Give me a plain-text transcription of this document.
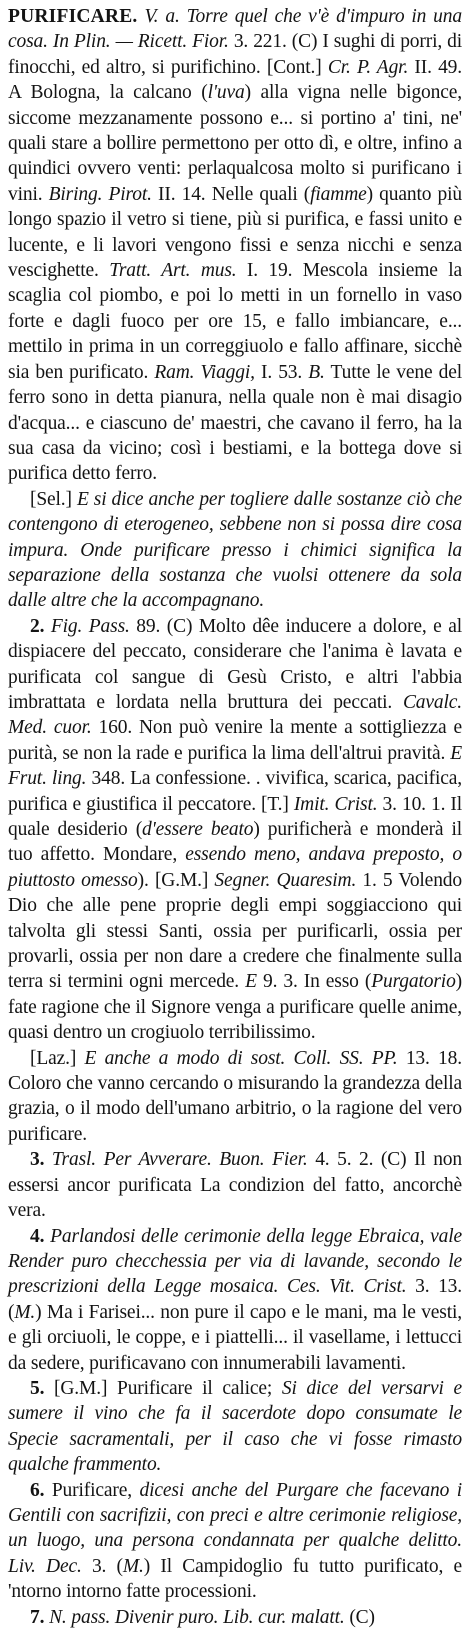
PURIFICARE. V. a. Torre quel che v'è d'impuro in una cosa. In Plin. — Ricett. Fior. 3. 221. (C) I sughi di porri, di finocchi, ed altro, si purifichino. [Cont.] Cr. P. Agr. II. 49. A Bologna, la calcano (l'uva) alla vigna nelle bigonce, siccome mezzanamente possono e... si portino a' tini, ne' quali stare a bollire permettono per otto dì, e oltre, infino a quindici ovvero venti: perlaqualcosa molto si purificano i vini. Biring. Pirot. II. 14. Nelle quali (fiamme) quanto più longo spazio il vetro si tiene, più si purifica, e fassi unito e lucente, e li lavori vengono fissi e senza nicchi e senza vescighette. Tratt. Art. mus. I. 19. Mescola insieme la scaglia col piombo, e poi lo metti in un fornello in vaso forte e dagli fuoco per ore 15, e fallo imbiancare, e... mettilo in prima in un correggiuolo e fallo affinare, sicchè sia ben purificato. Ram. Viaggi, I. 53. B. Tutte le vene del ferro sono in detta pianura, nella quale non è mai disagio d'acqua... e ciascuno de' maestri, che cavano il ferro, ha la sua casa da vicino; così i bestiami, e la bottega dove si purifica detto ferro.

[Sel.] E si dice anche per togliere dalle sostanze ciò che contengono di eterogeneo, sebbene non si possa dire cosa impura. Onde purificare presso i chimici significa la separazione della sostanza che vuolsi ottenere da sola dalle altre che la accompagnano.

2. Fig. Pass. 89. (C) Molto dêe inducere a dolore, e al dispiacere del peccato, considerare che l'anima è lavata e purificata col sangue di Gesù Cristo, e altri l'abbia imbrattata e lordata nella bruttura dei peccati. Cavalc. Med. cuor. 160. Non può venire la mente a sottigliezza e purità, se non la rade e purifica la lima dell'altrui pravità. E Frut. ling. 348. La confessione. . vivifica, scarica, pacifica, purifica e giustifica il peccatore. [T.] Imit. Crist. 3. 10. 1. Il quale desiderio (d'essere beato) purificherà e monderà il tuo affetto. Mondare, essendo meno, andava preposto, o piuttosto omesso). [G.M.] Segner. Quaresim. 1. 5 Volendo Dio che alle pene proprie degli empi soggiacciono qui talvolta gli stessi Santi, ossia per purificarli, ossia per provarli, ossia per non dare a credere che finalmente sulla terra si termini ogni mercede. E 9. 3. In esso (Purgatorio) fate ragione che il Signore venga a purificare quelle anime, quasi dentro un crogiuolo terribilissimo.

[Laz.] E anche a modo di sost. Coll. SS. PP. 13. 18. Coloro che vanno cercando o misurando la grandezza della grazia, o il modo dell'umano arbitrio, o la ragione del vero purificare.

3. Trasl. Per Avverare. Buon. Fier. 4. 5. 2. (C) Il non essersi ancor purificata La condizion del fatto, ancorchè vera.

4. Parlandosi delle cerimonie della legge Ebraica, vale Render puro checchessia per via di lavande, secondo le prescrizioni della Legge mosaica. Ces. Vit. Crist. 3. 13. (M.) Ma i Farisei... non pure il capo e le mani, ma le vesti, e gli orciuoli, le coppe, e i piattelli... il vasellame, i lettucci da sedere, purificavano con innumerabili lavamenti.

5. [G.M.] Purificare il calice; Si dice del versarvi e sumere il vino che fa il sacerdote dopo consumate le Specie sacramentali, per il caso che vi fosse rimasto qualche frammento.

6. Purificare, dicesi anche del Purgare che facevano i Gentili con sacrifizii, con preci e altre cerimonie religiose, un luogo, una persona condannata per qualche delitto. Liv. Dec. 3. (M.) Il Campidoglio fu tutto purificato, e 'ntorno intorno fatte processioni.

7. N. pass. Divenir puro. Lib. cur. malatt. (C)
